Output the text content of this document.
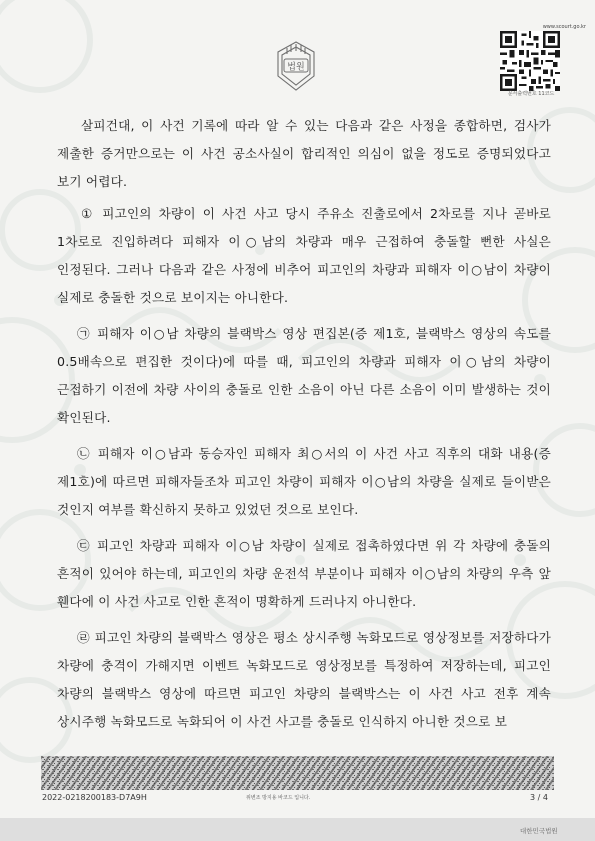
법원
www.scourt.go.kr
문서출력번호 11코드

살피건대, 이 사건 기록에 따라 알 수 있는 다음과 같은 사정을 종합하면, 검사가 제출한 증거만으로는 이 사건 공소사실이 합리적인 의심이 없을 정도로 증명되었다고 보기 어렵다.

① 피고인의 차량이 이 사건 사고 당시 주유소 진출로에서 2차로를 지나 곧바로 1차로로 진입하려다 피해자 이○남의 차량과 매우 근접하여 충돌할 뻔한 사실은 인정된다. 그러나 다음과 같은 사정에 비추어 피고인의 차량과 피해자 이○남이 차량이 실제로 충돌한 것으로 보이지는 아니한다.

㉠ 피해자 이○남 차량의 블랙박스 영상 편집본(증 제1호, 블랙박스 영상의 속도를 0.5배속으로 편집한 것이다)에 따를 때, 피고인의 차량과 피해자 이○남의 차량이 근접하기 이전에 차량 사이의 충돌로 인한 소음이 아닌 다른 소음이 이미 발생하는 것이 확인된다.

㉡ 피해자 이○남과 동승자인 피해자 최○서의 이 사건 사고 직후의 대화 내용(증 제1호)에 따르면 피해자들조차 피고인 차량이 피해자 이○남의 차량을 실제로 들이받은 것인지 여부를 확신하지 못하고 있었던 것으로 보인다.

㉢ 피고인 차량과 피해자 이○남 차량이 실제로 접촉하였다면 위 각 차량에 충돌의 흔적이 있어야 하는데, 피고인의 차량 운전석 부분이나 피해자 이○남의 차량의 우측 앞 휀다에 이 사건 사고로 인한 흔적이 명확하게 드러나지 아니한다.

㉣ 피고인 차량의 블랙박스 영상은 평소 상시주행 녹화모드로 영상정보를 저장하다가 차량에 충격이 가해지면 이벤트 녹화모드로 영상정보를 특정하여 저장하는데, 피고인 차량의 블랙박스 영상에 따르면 피고인 차량의 블랙박스는 이 사건 사고 전후 계속 상시주행 녹화모드로 녹화되어 이 사건 사고를 충돌로 인식하지 아니한 것으로 보

2022-0218200183-D7A9H	위변조 방지용 바코드 입니다.	3 / 4
대한민국법원
